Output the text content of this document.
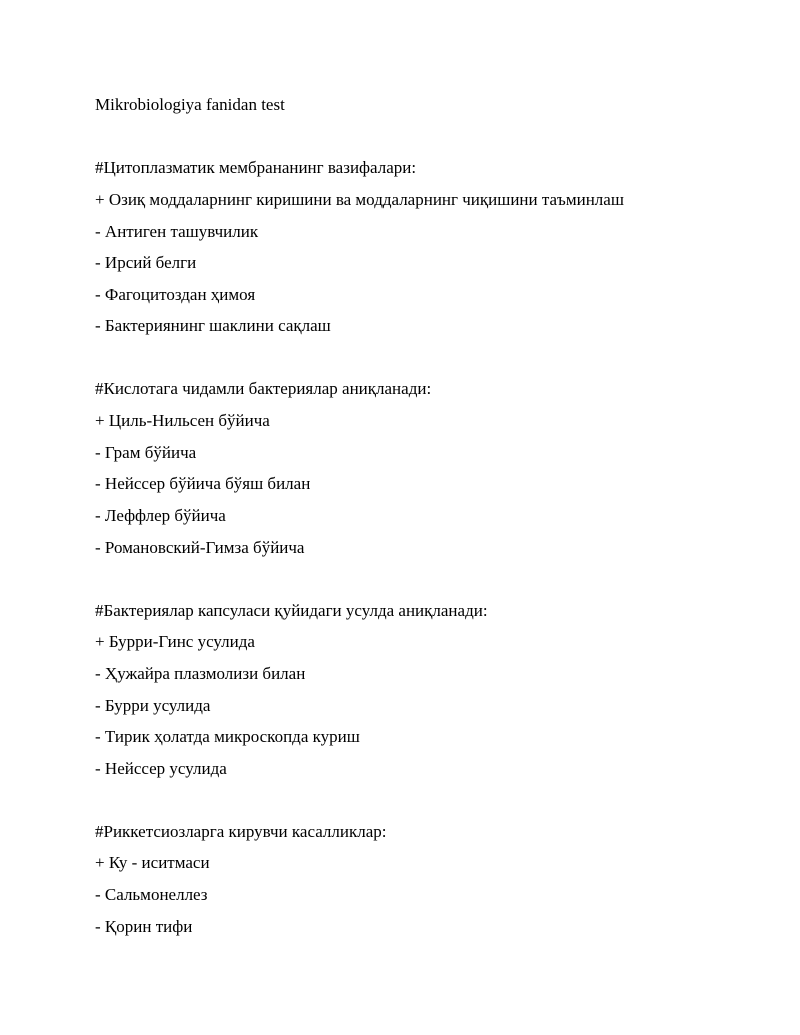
Mikrobiologiya fanidan test
#Цитоплазматик мембрананинг вазифалари:
+ Озиқ моддаларнинг киришини ва моддаларнинг чиқишини таъминлаш
- Антиген ташувчилик
- Ирсий белги
- Фагоцитоздан ҳимоя
- Бактериянинг шаклини сақлаш
#Кислотага чидамли бактериялар аниқланади:
+ Циль-Нильсен бўйича
- Грам бўйича
- Нейссер бўйича бўяш билан
- Леффлер бўйича
- Романовский-Гимза бўйича
#Бактериялар капсуласи қуйидаги усулда аниқланади:
+ Бурри-Гинс усулида
- Ҳужайра плазмолизи билан
- Бурри усулида
- Тирик ҳолатда микроскопда куриш
- Нейссер усулида
#Риккетсиозларга кирувчи касалликлар:
+ Ку - иситмаси
- Сальмонеллез
- Қорин тифи
